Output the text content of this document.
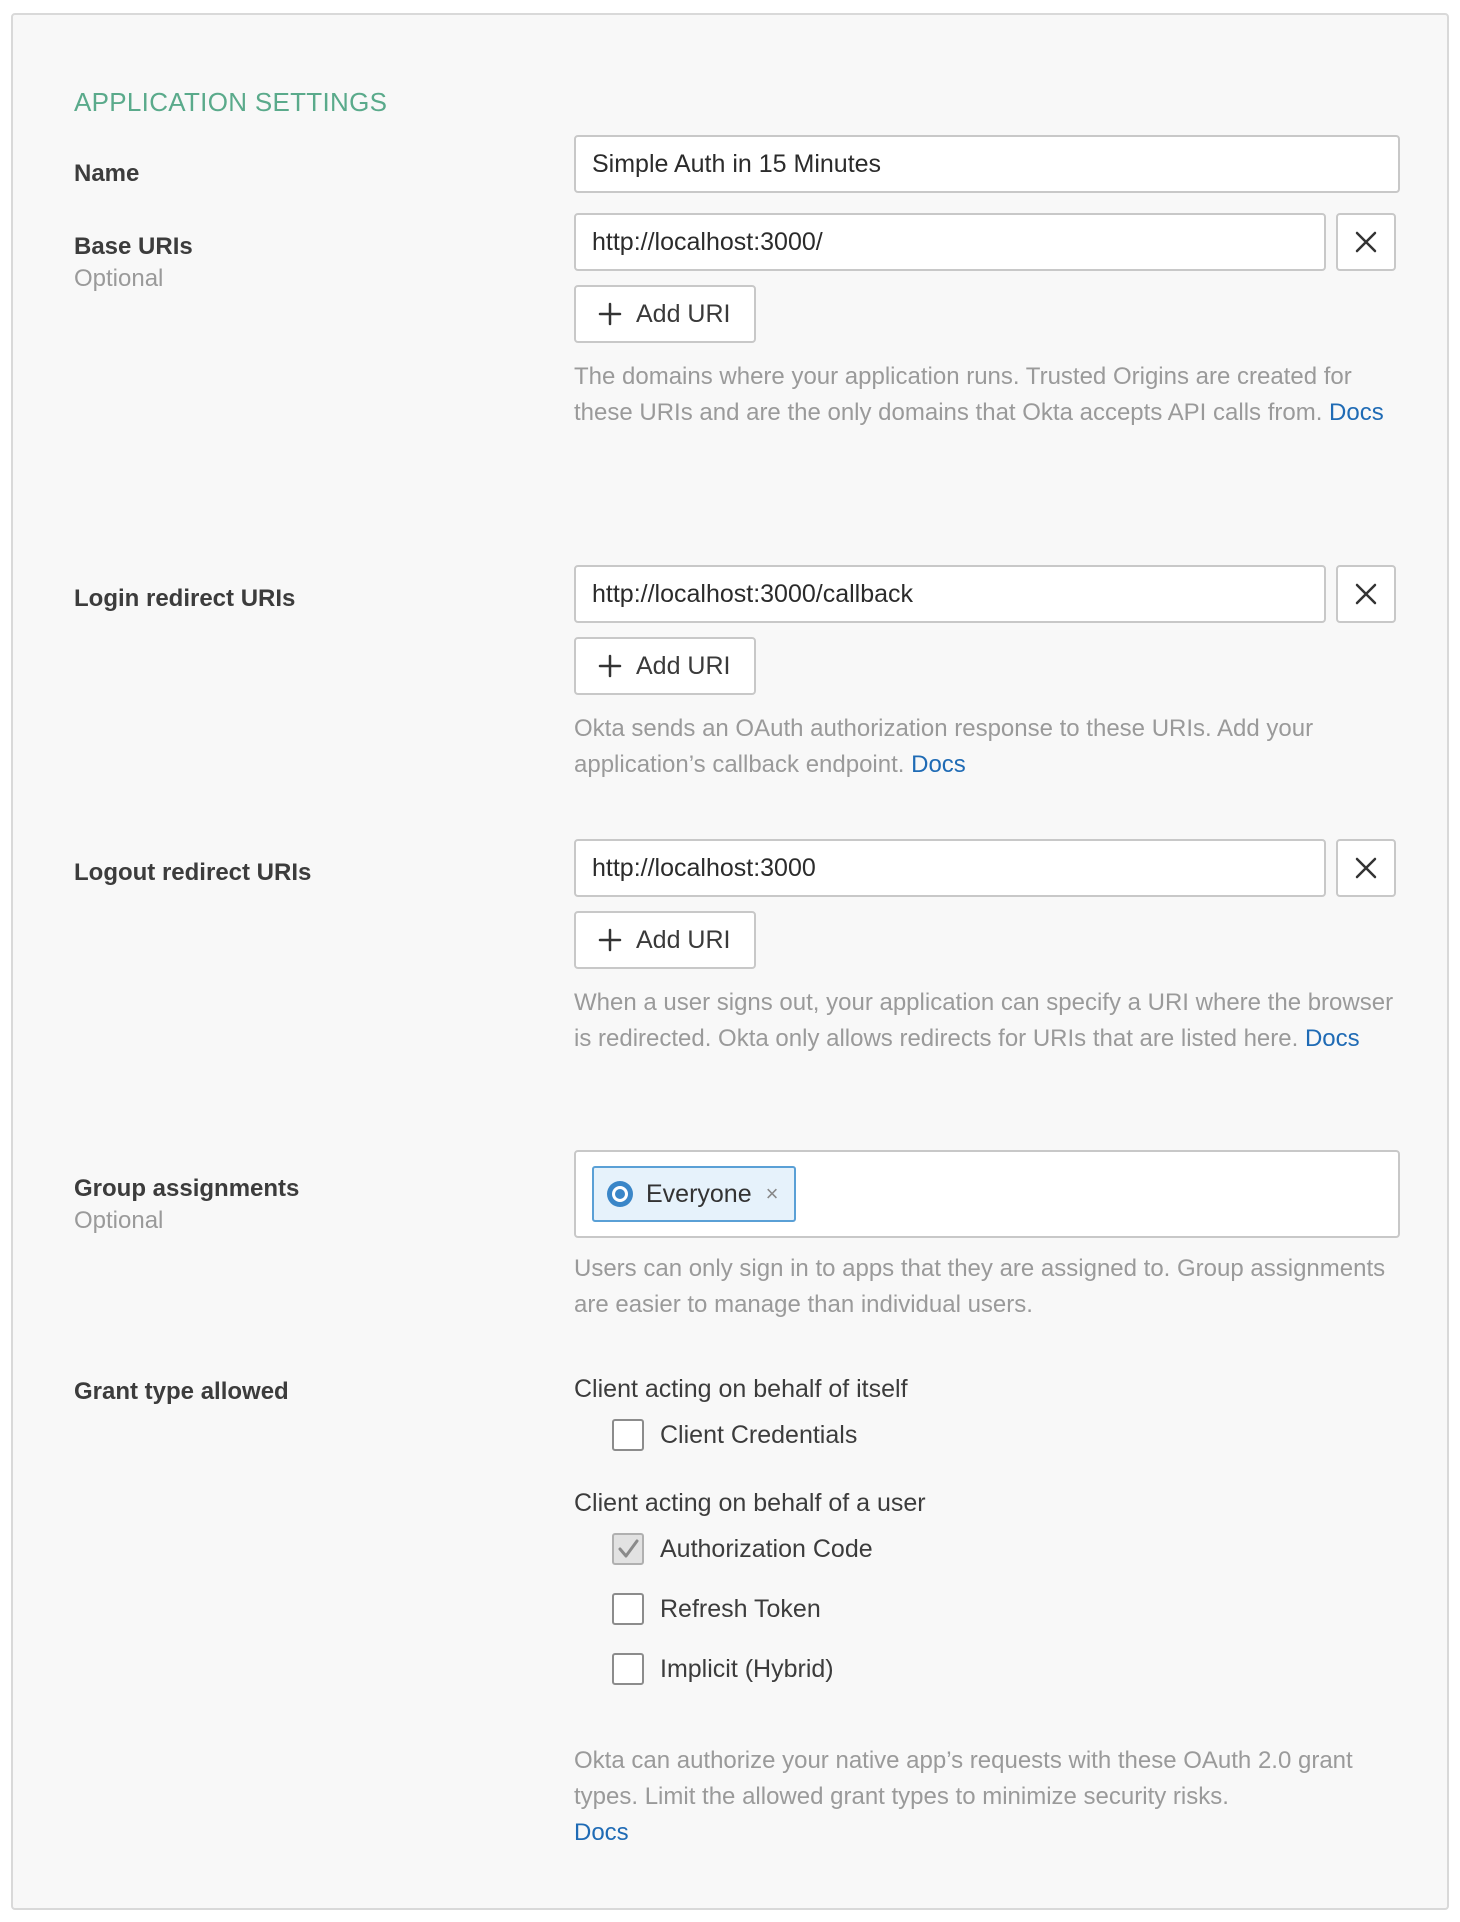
APPLICATION SETTINGS
Name
Simple Auth in 15 Minutes
Base URIs
Optional
http://localhost:3000/
Add URI
The domains where your application runs. Trusted Origins are created for these URIs and are the only domains that Okta accepts API calls from. Docs
Login redirect URIs
http://localhost:3000/callback
Add URI
Okta sends an OAuth authorization response to these URIs. Add your application’s callback endpoint. Docs
Logout redirect URIs
http://localhost:3000
Add URI
When a user signs out, your application can specify a URI where the browser is redirected. Okta only allows redirects for URIs that are listed here. Docs
Group assignments
Optional
Everyone ×
Users can only sign in to apps that they are assigned to. Group assignments are easier to manage than individual users.
Grant type allowed	Client acting on behalf of itself
Client Credentials
Client acting on behalf of a user
Authorization Code
Refresh Token
Implicit (Hybrid)
Okta can authorize your native app’s requests with these OAuth 2.0 grant types. Limit the allowed grant types to minimize security risks.
Docs
